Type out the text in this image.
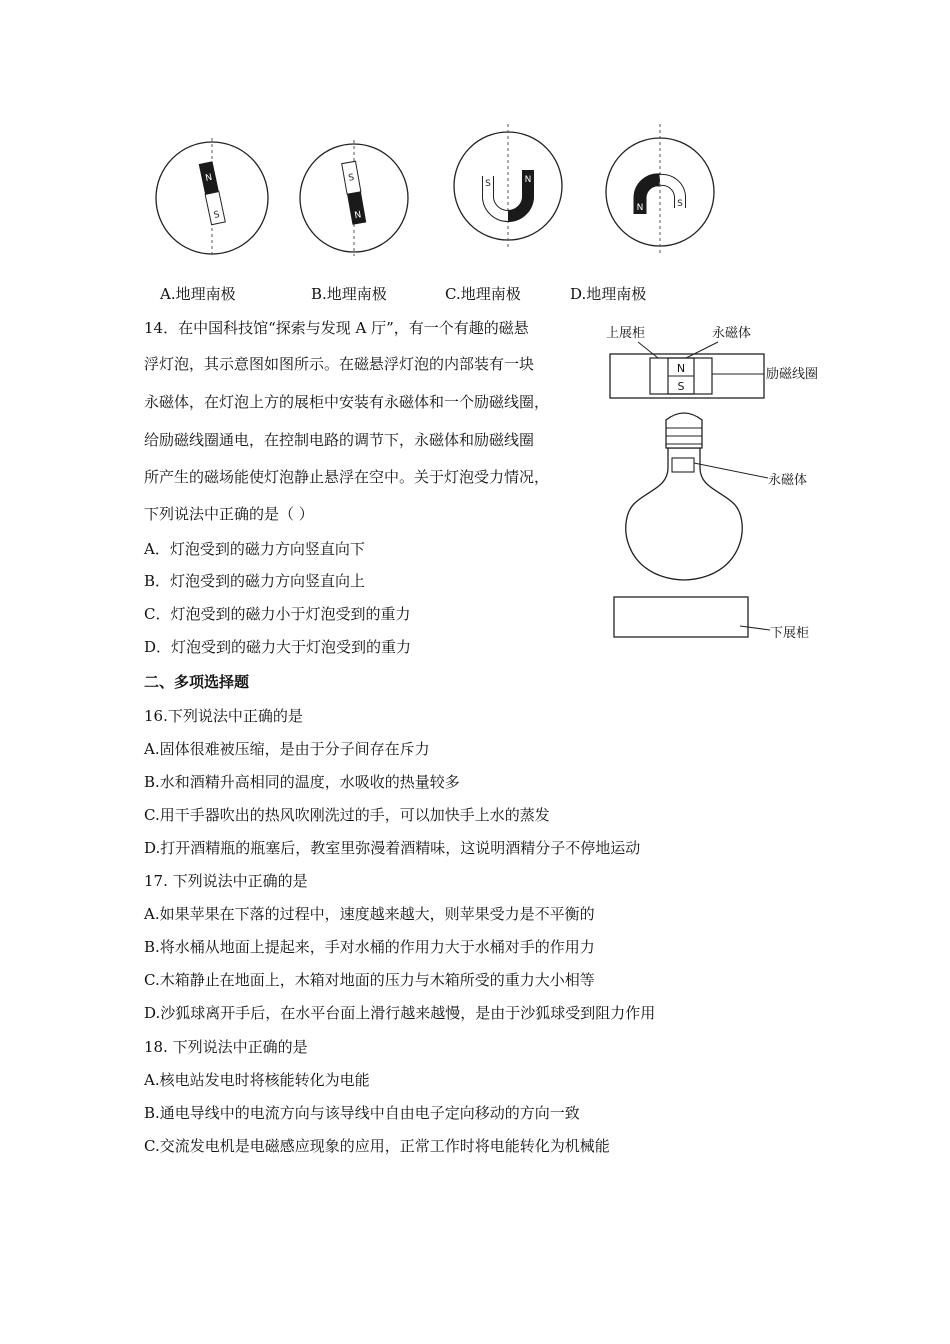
N
S
S
N
S	N
N	S
A.地理南极	B.地理南极	C.地理南极	D.地理南极
14．在中国科技馆“探索与发现 A 厅”，有一个有趣的磁悬
浮灯泡，其示意图如图所示。在磁悬浮灯泡的内部装有一块
永磁体，在灯泡上方的展柜中安装有永磁体和一个励磁线圈，
给励磁线圈通电，在控制电路的调节下，永磁体和励磁线圈
所产生的磁场能使灯泡静止悬浮在空中。关于灯泡受力情况，
下列说法中正确的是（ ）
A．灯泡受到的磁力方向竖直向下
B．灯泡受到的磁力方向竖直向上
C．灯泡受到的磁力小于灯泡受到的重力
D．灯泡受到的磁力大于灯泡受到的重力
N
S
上展柜	永磁体
励磁线圈
永磁体
下展柜
二、多项选择题
16.下列说法中正确的是
A.固体很难被压缩，是由于分子间存在斥力
B.水和酒精升高相同的温度，水吸收的热量较多
C.用干手器吹出的热风吹刚洗过的手，可以加快手上水的蒸发
D.打开酒精瓶的瓶塞后，教室里弥漫着酒精味，这说明酒精分子不停地运动
17. 下列说法中正确的是
A.如果苹果在下落的过程中，速度越来越大，则苹果受力是不平衡的
B.将水桶从地面上提起来，手对水桶的作用力大于水桶对手的作用力
C.木箱静止在地面上，木箱对地面的压力与木箱所受的重力大小相等
D.沙狐球离开手后，在水平台面上滑行越来越慢，是由于沙狐球受到阻力作用
18. 下列说法中正确的是
A.核电站发电时将核能转化为电能
B.通电导线中的电流方向与该导线中自由电子定向移动的方向一致
C.交流发电机是电磁感应现象的应用，正常工作时将电能转化为机械能
